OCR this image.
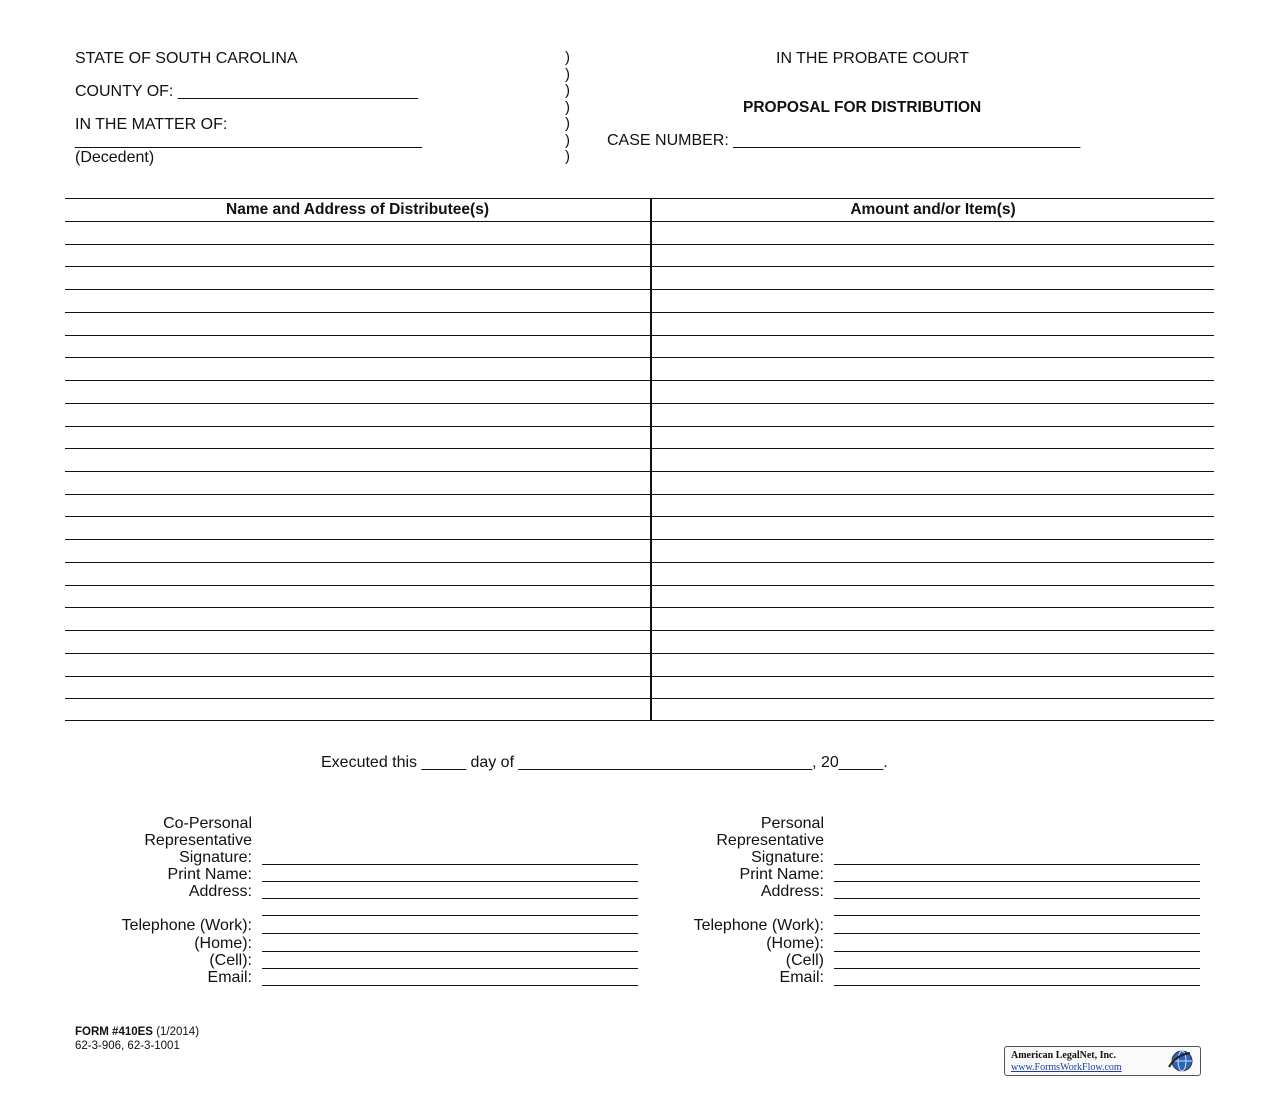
STATE OF SOUTH CAROLINA
COUNTY OF: ___________________________
IN THE MATTER OF:
_______________________________________
(Decedent)
)
)
)
)
)
)
)
IN THE PROBATE COURT
PROPOSAL FOR DISTRIBUTION
CASE NUMBER: _______________________________________
Name and Address of Distributee(s)	Amount and/or Item(s)
Executed this _____ day of _________________________________, 20_____.
Co-Personal
Representative
Signature:
Print Name:
Address:
Telephone (Work):
(Home):
(Cell):
Email:
Personal
Representative
Signature:
Print Name:
Address:
Telephone (Work):
(Home):
(Cell)
Email:
FORM #410ES (1/2014)
62-3-906, 62-3-1001
American LegalNet, Inc.
www.FormsWorkFlow.com
